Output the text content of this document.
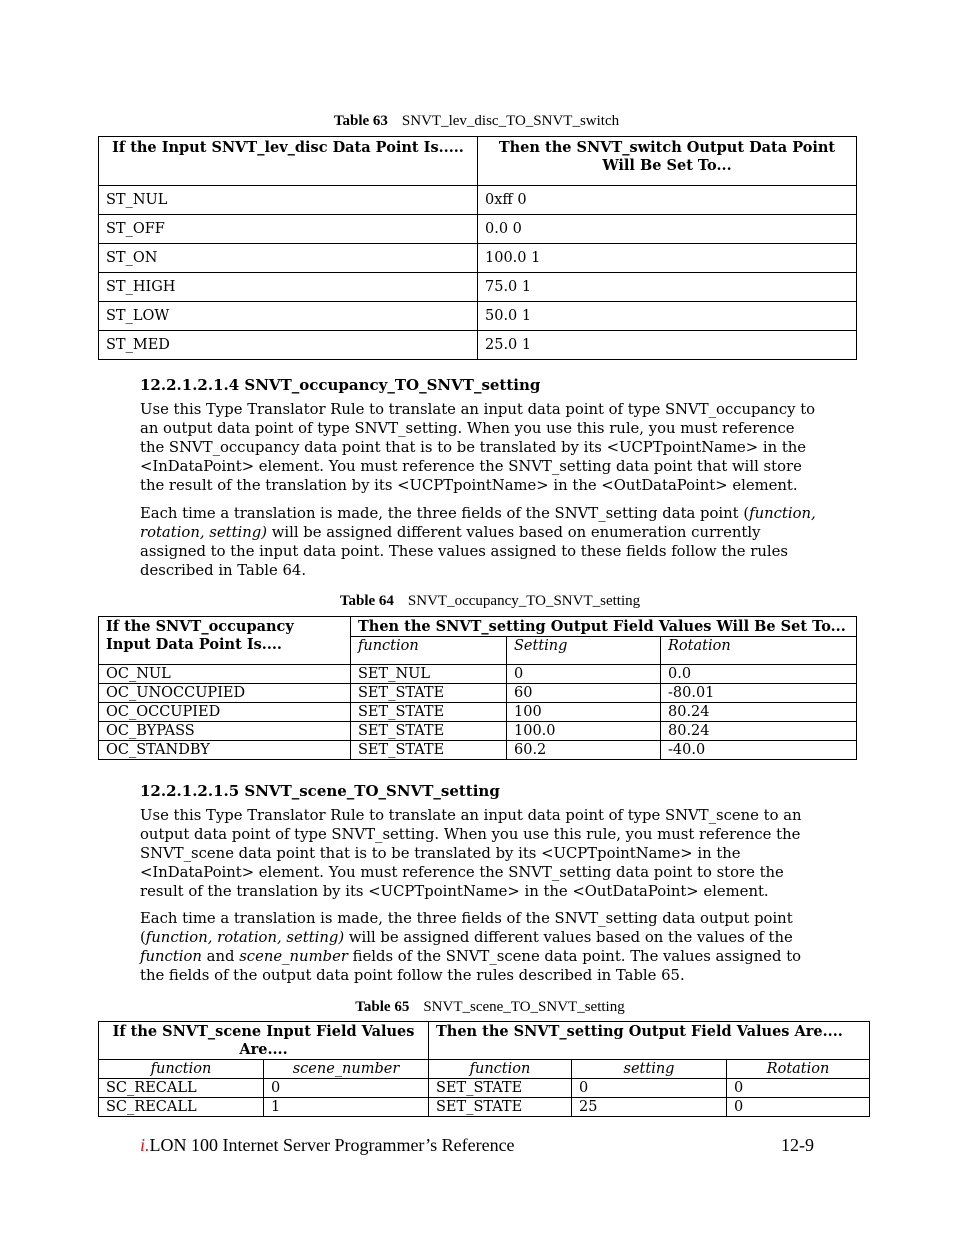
Table 63 SNVT_lev_disc_TO_SNVT_switch
If the Input SNVT_lev_disc Data Point Is.....	Then the SNVT_switch Output Data Point Will Be Set To...
ST_NUL	0xff 0
ST_OFF	0.0 0
ST_ON	100.0 1
ST_HIGH	75.0 1
ST_LOW	50.0 1
ST_MED	25.0 1
12.2.1.2.1.4 SNVT_occupancy_TO_SNVT_setting
Use this Type Translator Rule to translate an input data point of type SNVT_occupancy to an output data point of type SNVT_setting. When you use this rule, you must reference the SNVT_occupancy data point that is to be translated by its <UCPTpointName> in the <InDataPoint> element. You must reference the SNVT_setting data point that will store the result of the translation by its <UCPTpointName> in the <OutDataPoint> element.
Each time a translation is made, the three fields of the SNVT_setting data point (function, rotation, setting) will be assigned different values based on enumeration currently assigned to the input data point. These values assigned to these fields follow the rules described in Table 64.
Table 64 SNVT_occupancy_TO_SNVT_setting
If the SNVT_occupancy Input Data Point Is....	Then the SNVT_setting Output Field Values Will Be Set To...		
	function	Setting	Rotation
OC_NUL	SET_NUL	0	0.0
OC_UNOCCUPIED	SET_STATE	60	-80.01
OC_OCCUPIED	SET_STATE	100	80.24
OC_BYPASS	SET_STATE	100.0	80.24
OC_STANDBY	SET_STATE	60.2	-40.0
12.2.1.2.1.5 SNVT_scene_TO_SNVT_setting
Use this Type Translator Rule to translate an input data point of type SNVT_scene to an output data point of type SNVT_setting. When you use this rule, you must reference the SNVT_scene data point that is to be translated by its <UCPTpointName> in the <InDataPoint> element. You must reference the SNVT_setting data point to store the result of the translation by its <UCPTpointName> in the <OutDataPoint> element.
Each time a translation is made, the three fields of the SNVT_setting data output point (function, rotation, setting) will be assigned different values based on the values of the function and scene_number fields of the SNVT_scene data point. The values assigned to the fields of the output data point follow the rules described in Table 65.
Table 65 SNVT_scene_TO_SNVT_setting
If the SNVT_scene Input Field Values Are....		Then the SNVT_setting Output Field Values Are....		
function	scene_number	function	setting	Rotation
SC_RECALL	0	SET_STATE	0	0
SC_RECALL	1	SET_STATE	25	0
i.LON 100 Internet Server Programmer’s Reference	12-9
